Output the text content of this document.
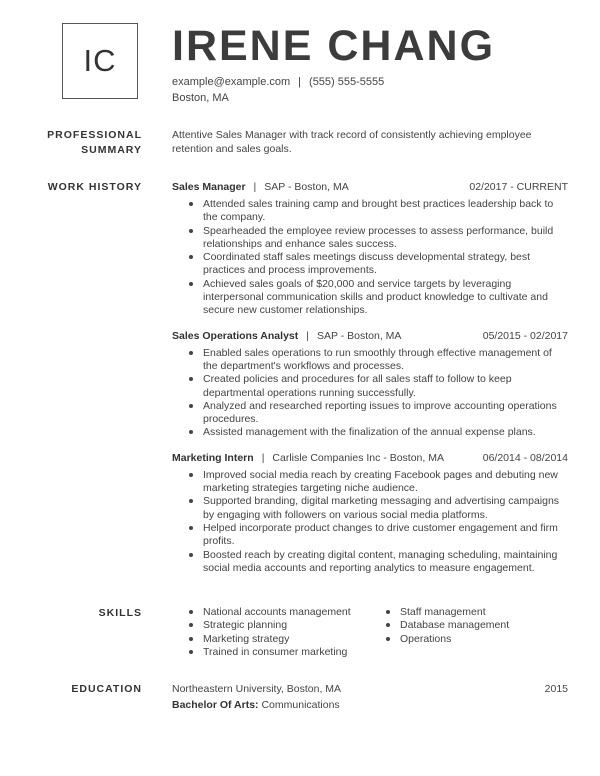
IC	IRENE CHANG
example@example.com | (555) 555-5555
Boston, MA
PROFESSIONAL
SUMMARY
Attentive Sales Manager with track record of consistently achieving employee retention and sales goals.
WORK HISTORY	Sales Manager | SAP - Boston, MA	02/2017 - CURRENT
Attended sales training camp and brought best practices leadership back to the company.
Spearheaded the employee review processes to assess performance, build relationships and enhance sales success.
Coordinated staff sales meetings discuss developmental strategy, best practices and process improvements.
Achieved sales goals of $20,000 and service targets by leveraging interpersonal communication skills and product knowledge to cultivate and secure new customer relationships.
Sales Operations Analyst | SAP - Boston, MA	05/2015 - 02/2017
Enabled sales operations to run smoothly through effective management of the department's workflows and processes.
Created policies and procedures for all sales staff to follow to keep departmental operations running successfully.
Analyzed and researched reporting issues to improve accounting operations procedures.
Assisted management with the finalization of the annual expense plans.
Marketing Intern | Carlisle Companies Inc - Boston, MA	06/2014 - 08/2014
Improved social media reach by creating Facebook pages and debuting new marketing strategies targeting niche audience.
Supported branding, digital marketing messaging and advertising campaigns by engaging with followers on various social media platforms.
Helped incorporate product changes to drive customer engagement and firm profits.
Boosted reach by creating digital content, managing scheduling, maintaining social media accounts and reporting analytics to measure engagement.
SKILLS	National accounts management
Strategic planning
Marketing strategy
Trained in consumer marketing
Staff management
Database management
Operations
EDUCATION	Northeastern University, Boston, MA	2015
Bachelor Of Arts: Communications
